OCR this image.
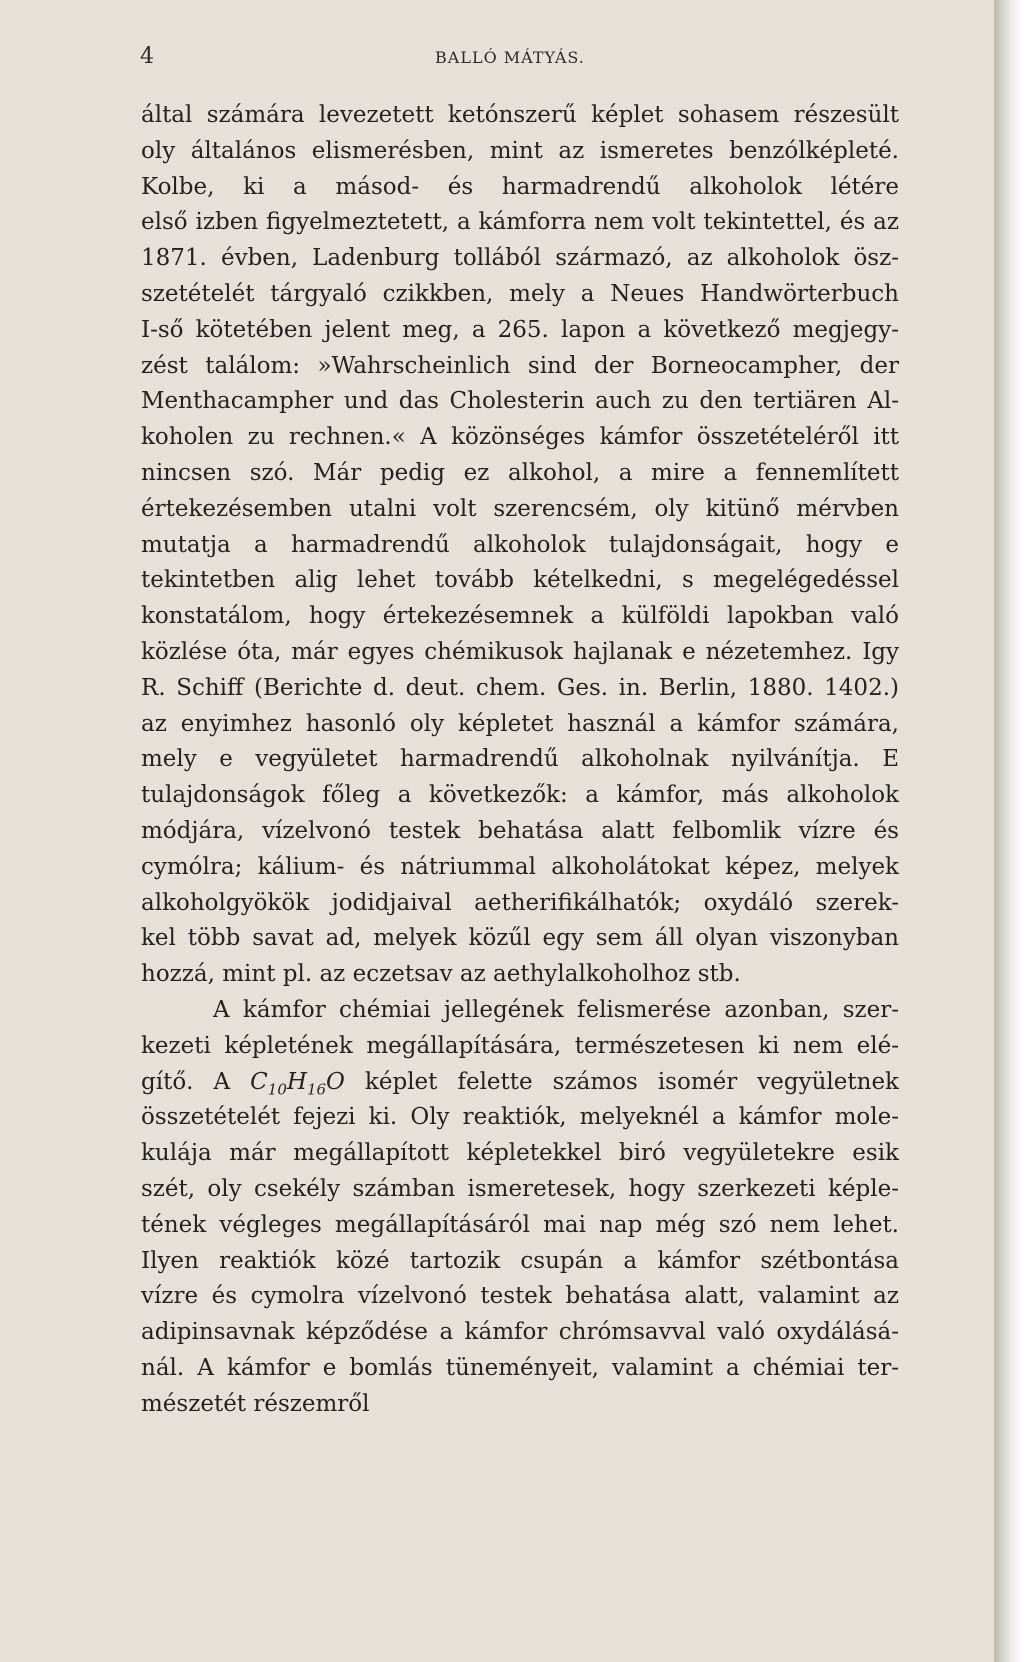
4	BALLÓ MÁTYÁS.
által számára levezetett ketónszerű képlet sohasem részesült
oly általános elismerésben, mint az ismeretes benzólképleté.
Kolbe, ki a másod- és harmadrendű alkoholok létére
első izben figyelmeztetett, a kámforra nem volt tekintettel, és az
1871. évben, Ladenburg tollából származó, az alkoholok ösz-
szetételét tárgyaló czikkben, mely a Neues Handwörterbuch
I-ső kötetében jelent meg, a 265. lapon a következő megjegy-
zést találom: »Wahrscheinlich sind der Borneocampher, der
Menthacampher und das Cholesterin auch zu den tertiären Al-
koholen zu rechnen.« A közönséges kámfor összetételéről itt
nincsen szó. Már pedig ez alkohol, a mire a fennemlített
értekezésemben utalni volt szerencsém, oly kitünő mérvben
mutatja a harmadrendű alkoholok tulajdonságait, hogy e
tekintetben alig lehet tovább kételkedni, s megelégedéssel
konstatálom, hogy értekezésemnek a külföldi lapokban való
közlése óta, már egyes chémikusok hajlanak e nézetemhez. Igy
R. Schiff (Berichte d. deut. chem. Ges. in. Berlin, 1880. 1402.)
az enyimhez hasonló oly képletet használ a kámfor számára,
mely e vegyületet harmadrendű alkoholnak nyilvánítja. E
tulajdonságok főleg a következők: a kámfor, más alkoholok
módjára, vízelvonó testek behatása alatt felbomlik vízre és
cymólra; kálium- és nátriummal alkoholátokat képez, melyek
alkoholgyökök jodidjaival aetherifikálhatók; oxydáló szerek-
kel több savat ad, melyek közűl egy sem áll olyan viszonyban
hozzá, mint pl. az eczetsav az aethylalkoholhoz stb.
A kámfor chémiai jellegének felismerése azonban, szer-
kezeti képletének megállapítására, természetesen ki nem elé-
gítő. A $C_{10}H_{16}O$ képlet felette számos isomér vegyületnek
összetételét fejezi ki. Oly reaktiók, melyeknél a kámfor mole-
kulája már megállapított képletekkel biró vegyületekre esik
szét, oly csekély számban ismeretesek, hogy szerkezeti képle-
tének végleges megállapításáról mai nap még szó nem lehet.
Ilyen reaktiók közé tartozik csupán a kámfor szétbontása
vízre és cymolra vízelvonó testek behatása alatt, valamint az
adipinsavnak képződése a kámfor chrómsavval való oxydálásá-
nál. A kámfor e bomlás tüneményeit, valamint a chémiai ter-
mészetét részemről
